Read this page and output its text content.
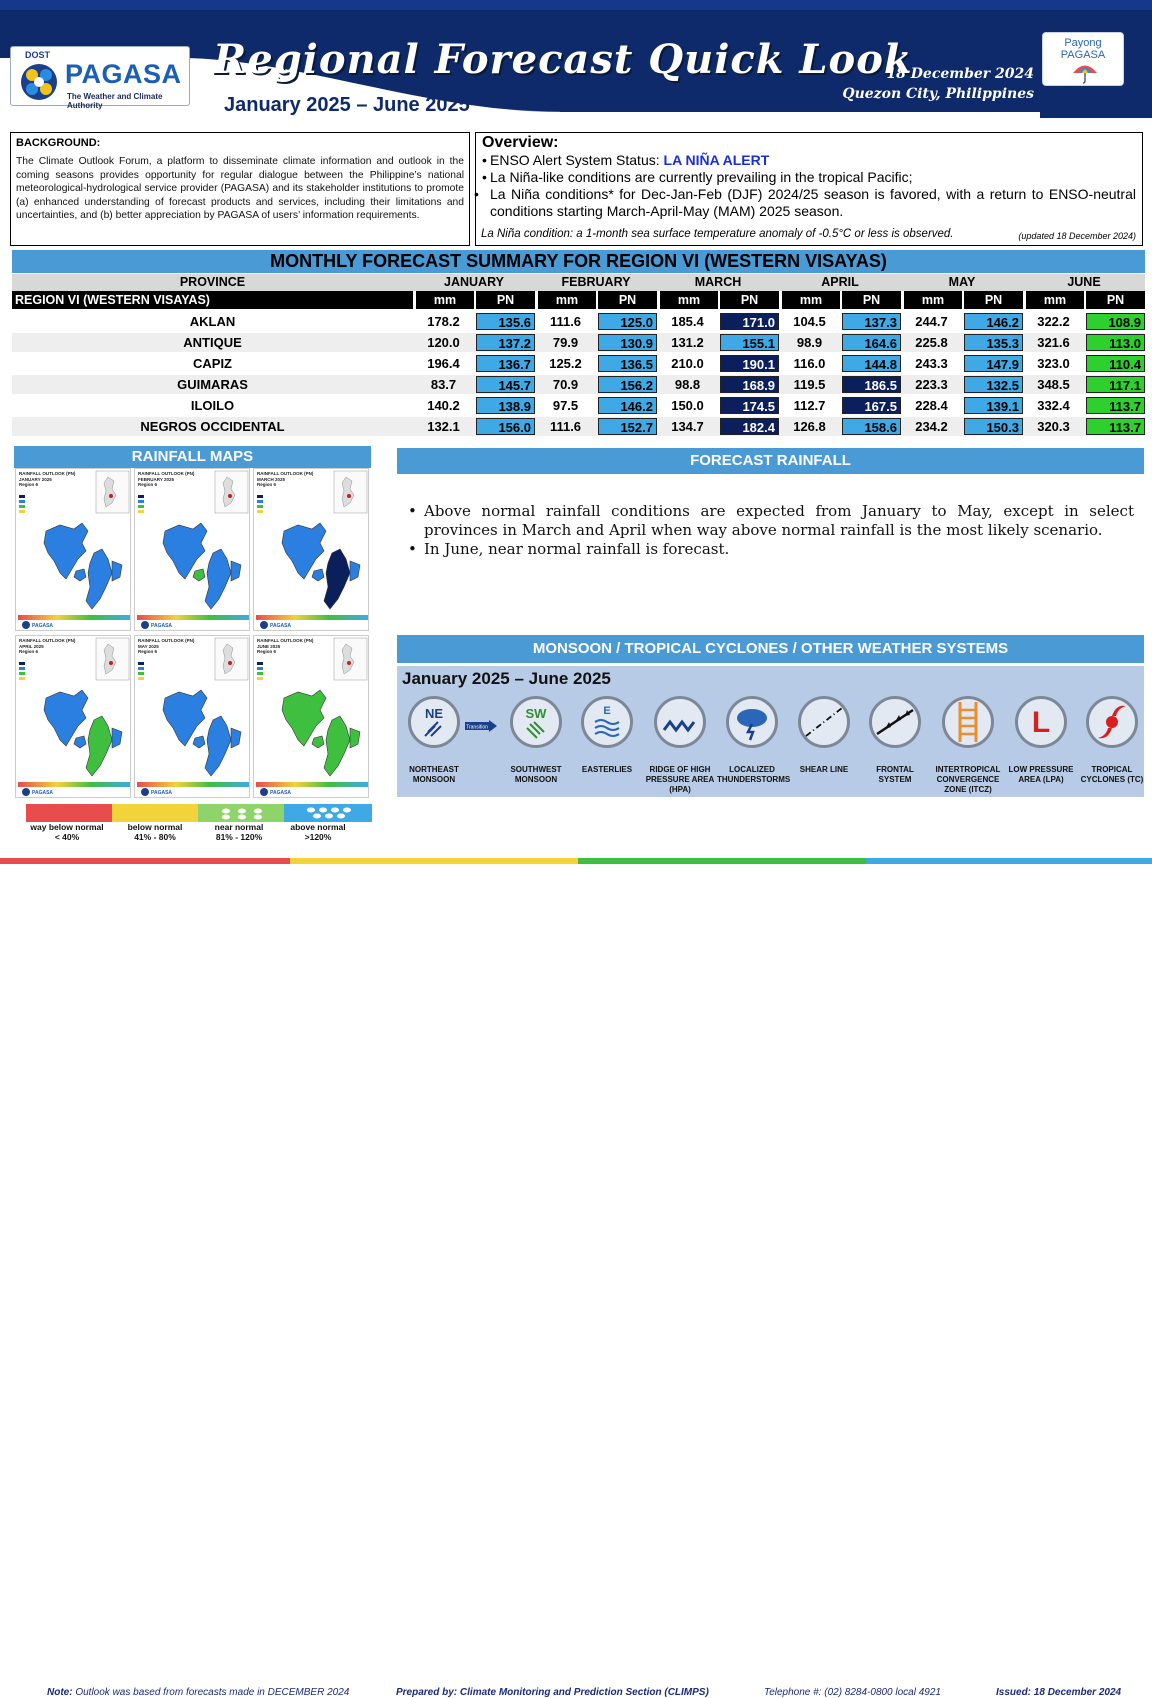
DOST
PAGASA
The Weather and Climate Authority
Regional Forecast Quick Look
January 2025 – June 2025
18 December 2024
Quezon City, Philippines
Payong
PAGASA
BACKGROUND:
The Climate Outlook Forum, a platform to disseminate climate information and outlook in the coming seasons provides opportunity for regular dialogue between the Philippine’s national meteorological-hydrological service provider (PAGASA) and its stakeholder institutions to promote (a) enhanced understanding of forecast products and services, including their limitations and uncertainties, and (b) better appreciation by PAGASA of users’ information requirements.
Overview:
• ENSO Alert System Status: LA NIÑA ALERT
• La Niña-like conditions are currently prevailing in the tropical Pacific;
• La Niña conditions* for Dec-Jan-Feb (DJF) 2024/25 season is favored, with a return to ENSO-neutral conditions starting March-April-May (MAM) 2025 season.
La Niña condition: a 1-month sea surface temperature anomaly of -0.5°C or less is observed.	(updated 18 December 2024)
MONTHLY FORECAST SUMMARY FOR REGION VI (WESTERN VISAYAS)
PROVINCE	JANUARY	FEBRUARY	MARCH	APRIL	MAY	JUNE
REGION VI (WESTERN VISAYAS)	mm	PN	mm	PN	mm	PN	mm	PN	mm	PN	mm	PN
AKLAN	178.2	135.6	111.6	125.0	185.4	171.0	104.5	137.3	244.7	146.2	322.2	108.9
ANTIQUE	120.0	137.2	79.9	130.9	131.2	155.1	98.9	164.6	225.8	135.3	321.6	113.0
CAPIZ	196.4	136.7	125.2	136.5	210.0	190.1	116.0	144.8	243.3	147.9	323.0	110.4
GUIMARAS	83.7	145.7	70.9	156.2	98.8	168.9	119.5	186.5	223.3	132.5	348.5	117.1
ILOILO	140.2	138.9	97.5	146.2	150.0	174.5	112.7	167.5	228.4	139.1	332.4	113.7
NEGROS OCCIDENTAL	132.1	156.0	111.6	152.7	134.7	182.4	126.8	158.6	234.2	150.3	320.3	113.7
RAINFALL MAPS
RAINFALL OUTLOOK (PN)
JANUARY 2025
Region 6
PAGASA
RAINFALL OUTLOOK (PN)
FEBRUARY 2025
Region 6
PAGASA
RAINFALL OUTLOOK (PN)
MARCH 2025
Region 6
PAGASA
RAINFALL OUTLOOK (PN)
APRIL 2025
Region 6
PAGASA
RAINFALL OUTLOOK (PN)
MAY 2025
Region 6
PAGASA
RAINFALL OUTLOOK (PN)
JUNE 2025
Region 6
PAGASA
way below normal
< 40%
below normal
41% - 80%
near normal
81% - 120%
above normal
>120%
FORECAST RAINFALL
• Above normal rainfall conditions are expected from January to May, except in select provinces in March and April when way above normal rainfall is the most likely scenario.
• In June, near normal rainfall is forecast.
MONSOON / TROPICAL CYCLONES / OTHER WEATHER SYSTEMS
January 2025 – June 2025
Transition
NE
NORTHEAST MONSOON
SW
SOUTHWEST MONSOON
E
EASTERLIES	RIDGE OF HIGH PRESSURE AREA (HPA)
LOCALIZED THUNDERSTORMS
SHEAR LINE	FRONTAL SYSTEM
INTERTROPICAL CONVERGENCE ZONE (ITCZ)
L
LOW PRESSURE AREA (LPA)
TROPICAL CYCLONES (TC)
Note: Outlook was based from forecasts made in DECEMBER 2024	Prepared by: Climate Monitoring and Prediction Section (CLIMPS)	Telephone #: (02) 8284-0800 local 4921	Issued: 18 December 2024
